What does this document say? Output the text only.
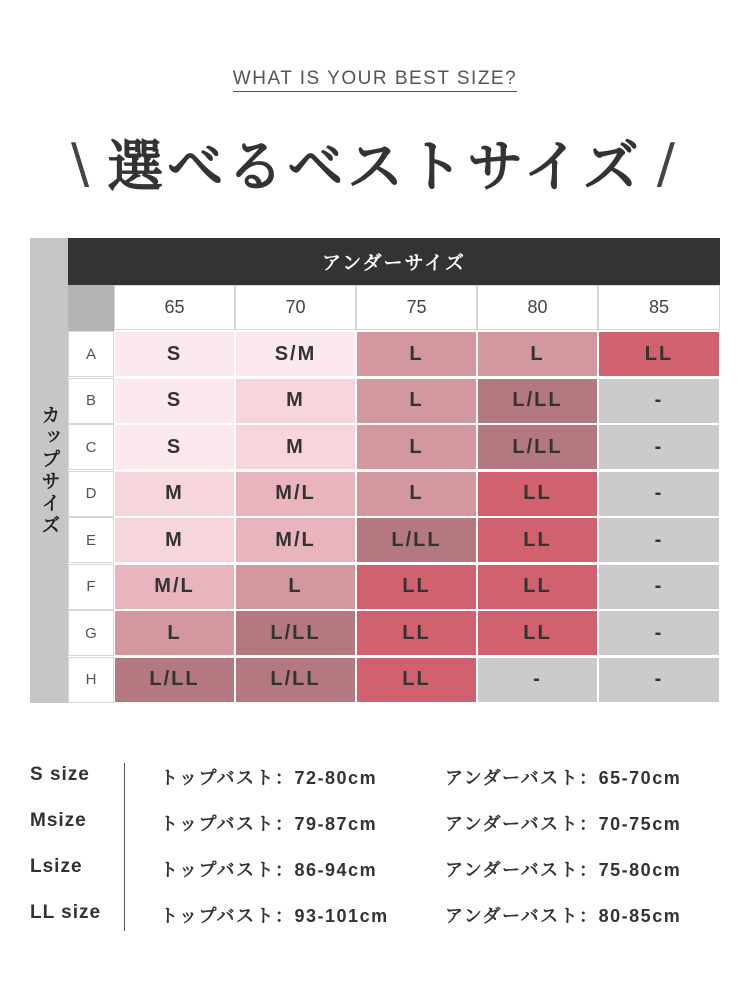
WHAT IS YOUR BEST SIZE?
\ 選べるベストサイズ /
カップサイズ
アンダーサイズ
65	70	75	80	85
A	S	S/M	L	L	LL
B	S	M	L	L/LL	-
C	S	M	L	L/LL	-
D	M	M/L	L	LL	-
E	M	M/L	L/LL	LL	-
F	M/L	L	LL	LL	-
G	L	L/LL	LL	LL	-
H	L/LL	L/LL	LL	-	-
S size	トップバスト：72-80cm	アンダーバスト：65-70cm
Msize	トップバスト：79-87cm	アンダーバスト：70-75cm
Lsize	トップバスト：86-94cm	アンダーバスト：75-80cm
LL size	トップバスト：93-101cm	アンダーバスト：80-85cm
